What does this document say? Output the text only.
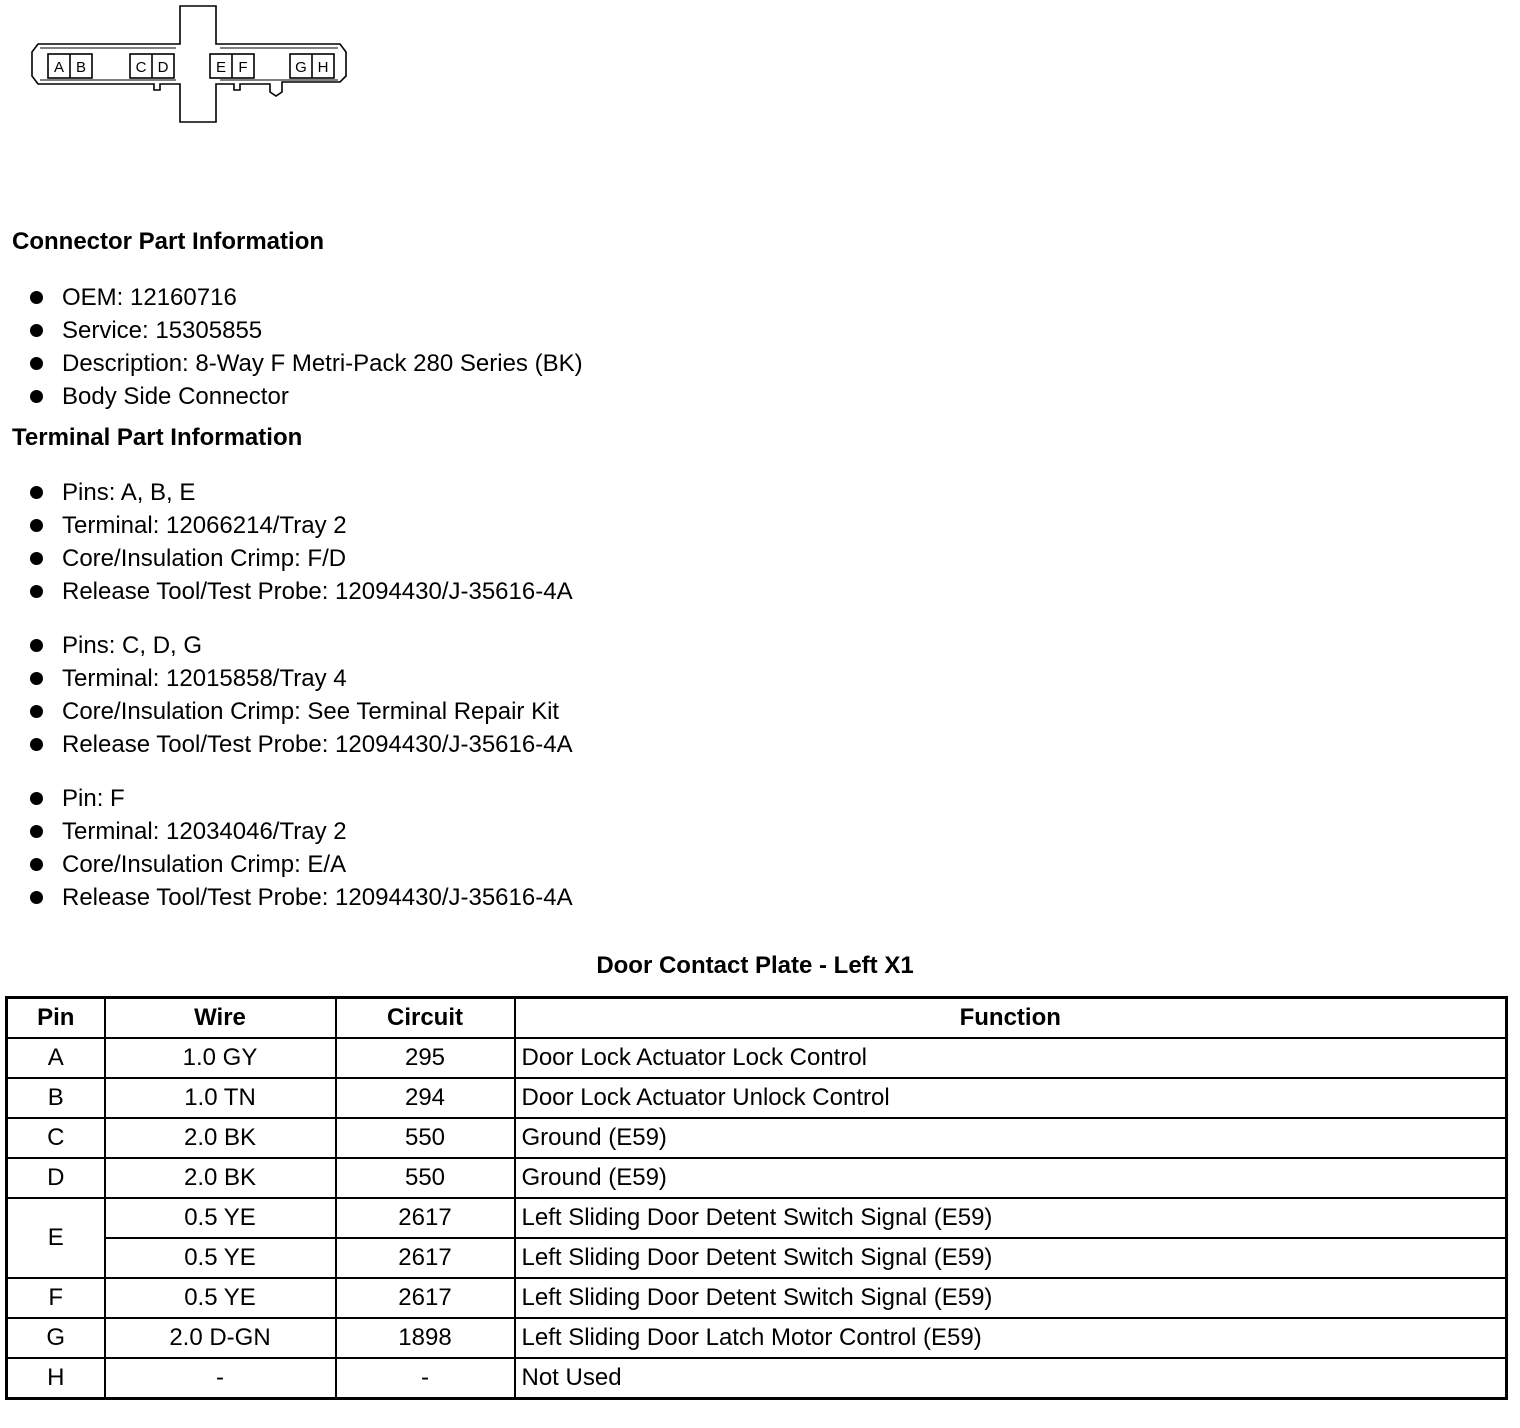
A B	C D	E F	G H
Connector Part Information
OEM: 12160716
Service: 15305855
Description: 8-Way F Metri-Pack 280 Series (BK)
Body Side Connector
Terminal Part Information
Pins: A, B, E
Terminal: 12066214/Tray 2
Core/Insulation Crimp: F/D
Release Tool/Test Probe: 12094430/J-35616-4A
Pins: C, D, G
Terminal: 12015858/Tray 4
Core/Insulation Crimp: See Terminal Repair Kit
Release Tool/Test Probe: 12094430/J-35616-4A
Pin: F
Terminal: 12034046/Tray 2
Core/Insulation Crimp: E/A
Release Tool/Test Probe: 12094430/J-35616-4A
Door Contact Plate - Left X1
Pin	Wire	Circuit	Function
A	1.0 GY	295	Door Lock Actuator Lock Control
B	1.0 TN	294	Door Lock Actuator Unlock Control
C	2.0 BK	550	Ground (E59)
D	2.0 BK	550	Ground (E59)
E	0.5 YE	2617	Left Sliding Door Detent Switch Signal (E59)
	0.5 YE	2617	Left Sliding Door Detent Switch Signal (E59)
F	0.5 YE	2617	Left Sliding Door Detent Switch Signal (E59)
G	2.0 D-GN	1898	Left Sliding Door Latch Motor Control (E59)
H	-	-	Not Used
